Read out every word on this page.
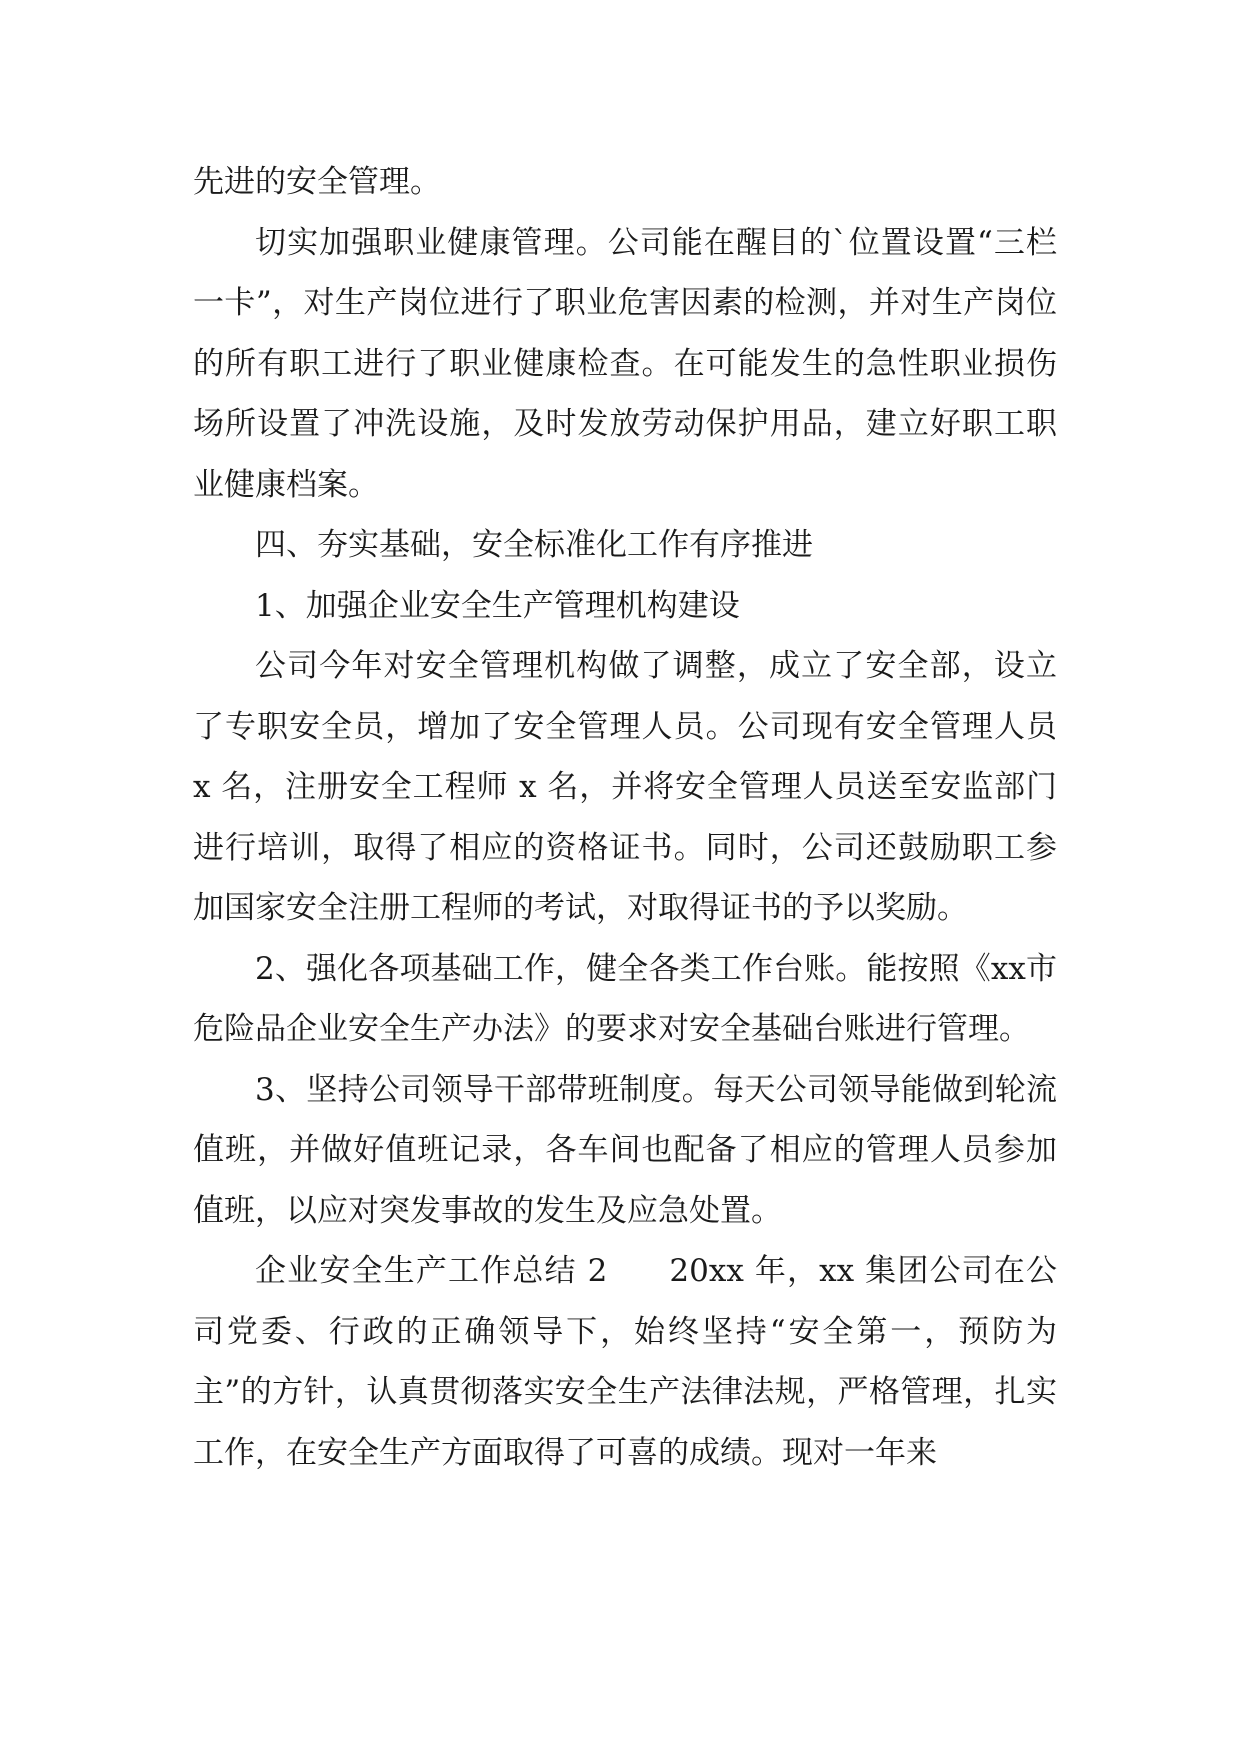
先进的安全管理。

切实加强职业健康管理。公司能在醒目的`位置设置“三栏一卡”，对生产岗位进行了职业危害因素的检测，并对生产岗位的所有职工进行了职业健康检查。在可能发生的急性职业损伤场所设置了冲洗设施，及时发放劳动保护用品，建立好职工职业健康档案。

四、夯实基础，安全标准化工作有序推进

1、加强企业安全生产管理机构建设

公司今年对安全管理机构做了调整，成立了安全部，设立了专职安全员，增加了安全管理人员。公司现有安全管理人员 x 名，注册安全工程师 x 名，并将安全管理人员送至安监部门进行培训，取得了相应的资格证书。同时，公司还鼓励职工参加国家安全注册工程师的考试，对取得证书的予以奖励。

2、强化各项基础工作，健全各类工作台账。能按照《xx市危险品企业安全生产办法》的要求对安全基础台账进行管理。

3、坚持公司领导干部带班制度。每天公司领导能做到轮流值班，并做好值班记录，各车间也配备了相应的管理人员参加值班，以应对突发事故的发生及应急处置。

企业安全生产工作总结 2 20xx 年，xx 集团公司在公司党委、行政的正确领导下，始终坚持“安全第一，预防为主”的方针，认真贯彻落实安全生产法律法规，严格管理，扎实工作，在安全生产方面取得了可喜的成绩。现对一年来
